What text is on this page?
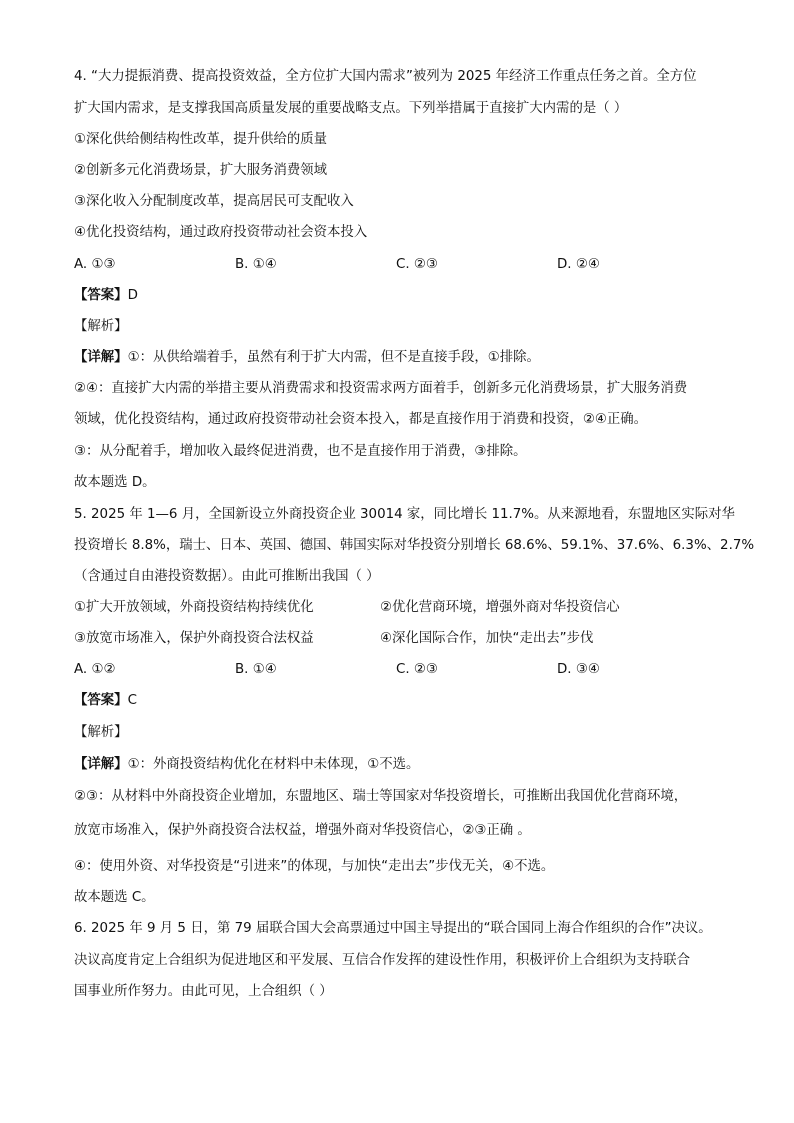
4. “大力提振消费、提高投资效益，全方位扩大国内需求”被列为 2025 年经济工作重点任务之首。全方位
扩大国内需求，是支撑我国高质量发展的重要战略支点。下列举措属于直接扩大内需的是（ ）
①深化供给侧结构性改革，提升供给的质量
②创新多元化消费场景，扩大服务消费领域
③深化收入分配制度改革，提高居民可支配收入
④优化投资结构，通过政府投资带动社会资本投入
A. ①③	B. ①④	C. ②③	D. ②④
【答案】D
【解析】
【详解】①：从供给端着手，虽然有利于扩大内需，但不是直接手段，①排除。
②④：直接扩大内需的举措主要从消费需求和投资需求两方面着手，创新多元化消费场景，扩大服务消费
领域，优化投资结构，通过政府投资带动社会资本投入，都是直接作用于消费和投资，②④正确。
③：从分配着手，增加收入最终促进消费，也不是直接作用于消费，③排除。
故本题选 D。
5. 2025 年 1—6 月，全国新设立外商投资企业 30014 家，同比增长 11.7%。从来源地看，东盟地区实际对华
投资增长 8.8%，瑞士、日本、英国、德国、韩国实际对华投资分别增长 68.6%、59.1%、37.6%、6.3%、2.7%
（含通过自由港投资数据）。由此可推断出我国（ ）
①扩大开放领域，外商投资结构持续优化	②优化营商环境，增强外商对华投资信心
③放宽市场准入，保护外商投资合法权益	④深化国际合作，加快“走出去”步伐
A. ①②	B. ①④	C. ②③	D. ③④
【答案】C
【解析】
【详解】①：外商投资结构优化在材料中未体现，①不选。
②③：从材料中外商投资企业增加，东盟地区、瑞士等国家对华投资增长，可推断出我国优化营商环境，
放宽市场准入，保护外商投资合法权益，增强外商对华投资信心，②③正确 。
④：使用外资、对华投资是“引进来”的体现，与加快“走出去”步伐无关，④不选。
故本题选 C。
6. 2025 年 9 月 5 日，第 79 届联合国大会高票通过中国主导提出的“联合国同上海合作组织的合作”决议。
决议高度肯定上合组织为促进地区和平发展、互信合作发挥的建设性作用，积极评价上合组织为支持联合
国事业所作努力。由此可见，上合组织（ ）
